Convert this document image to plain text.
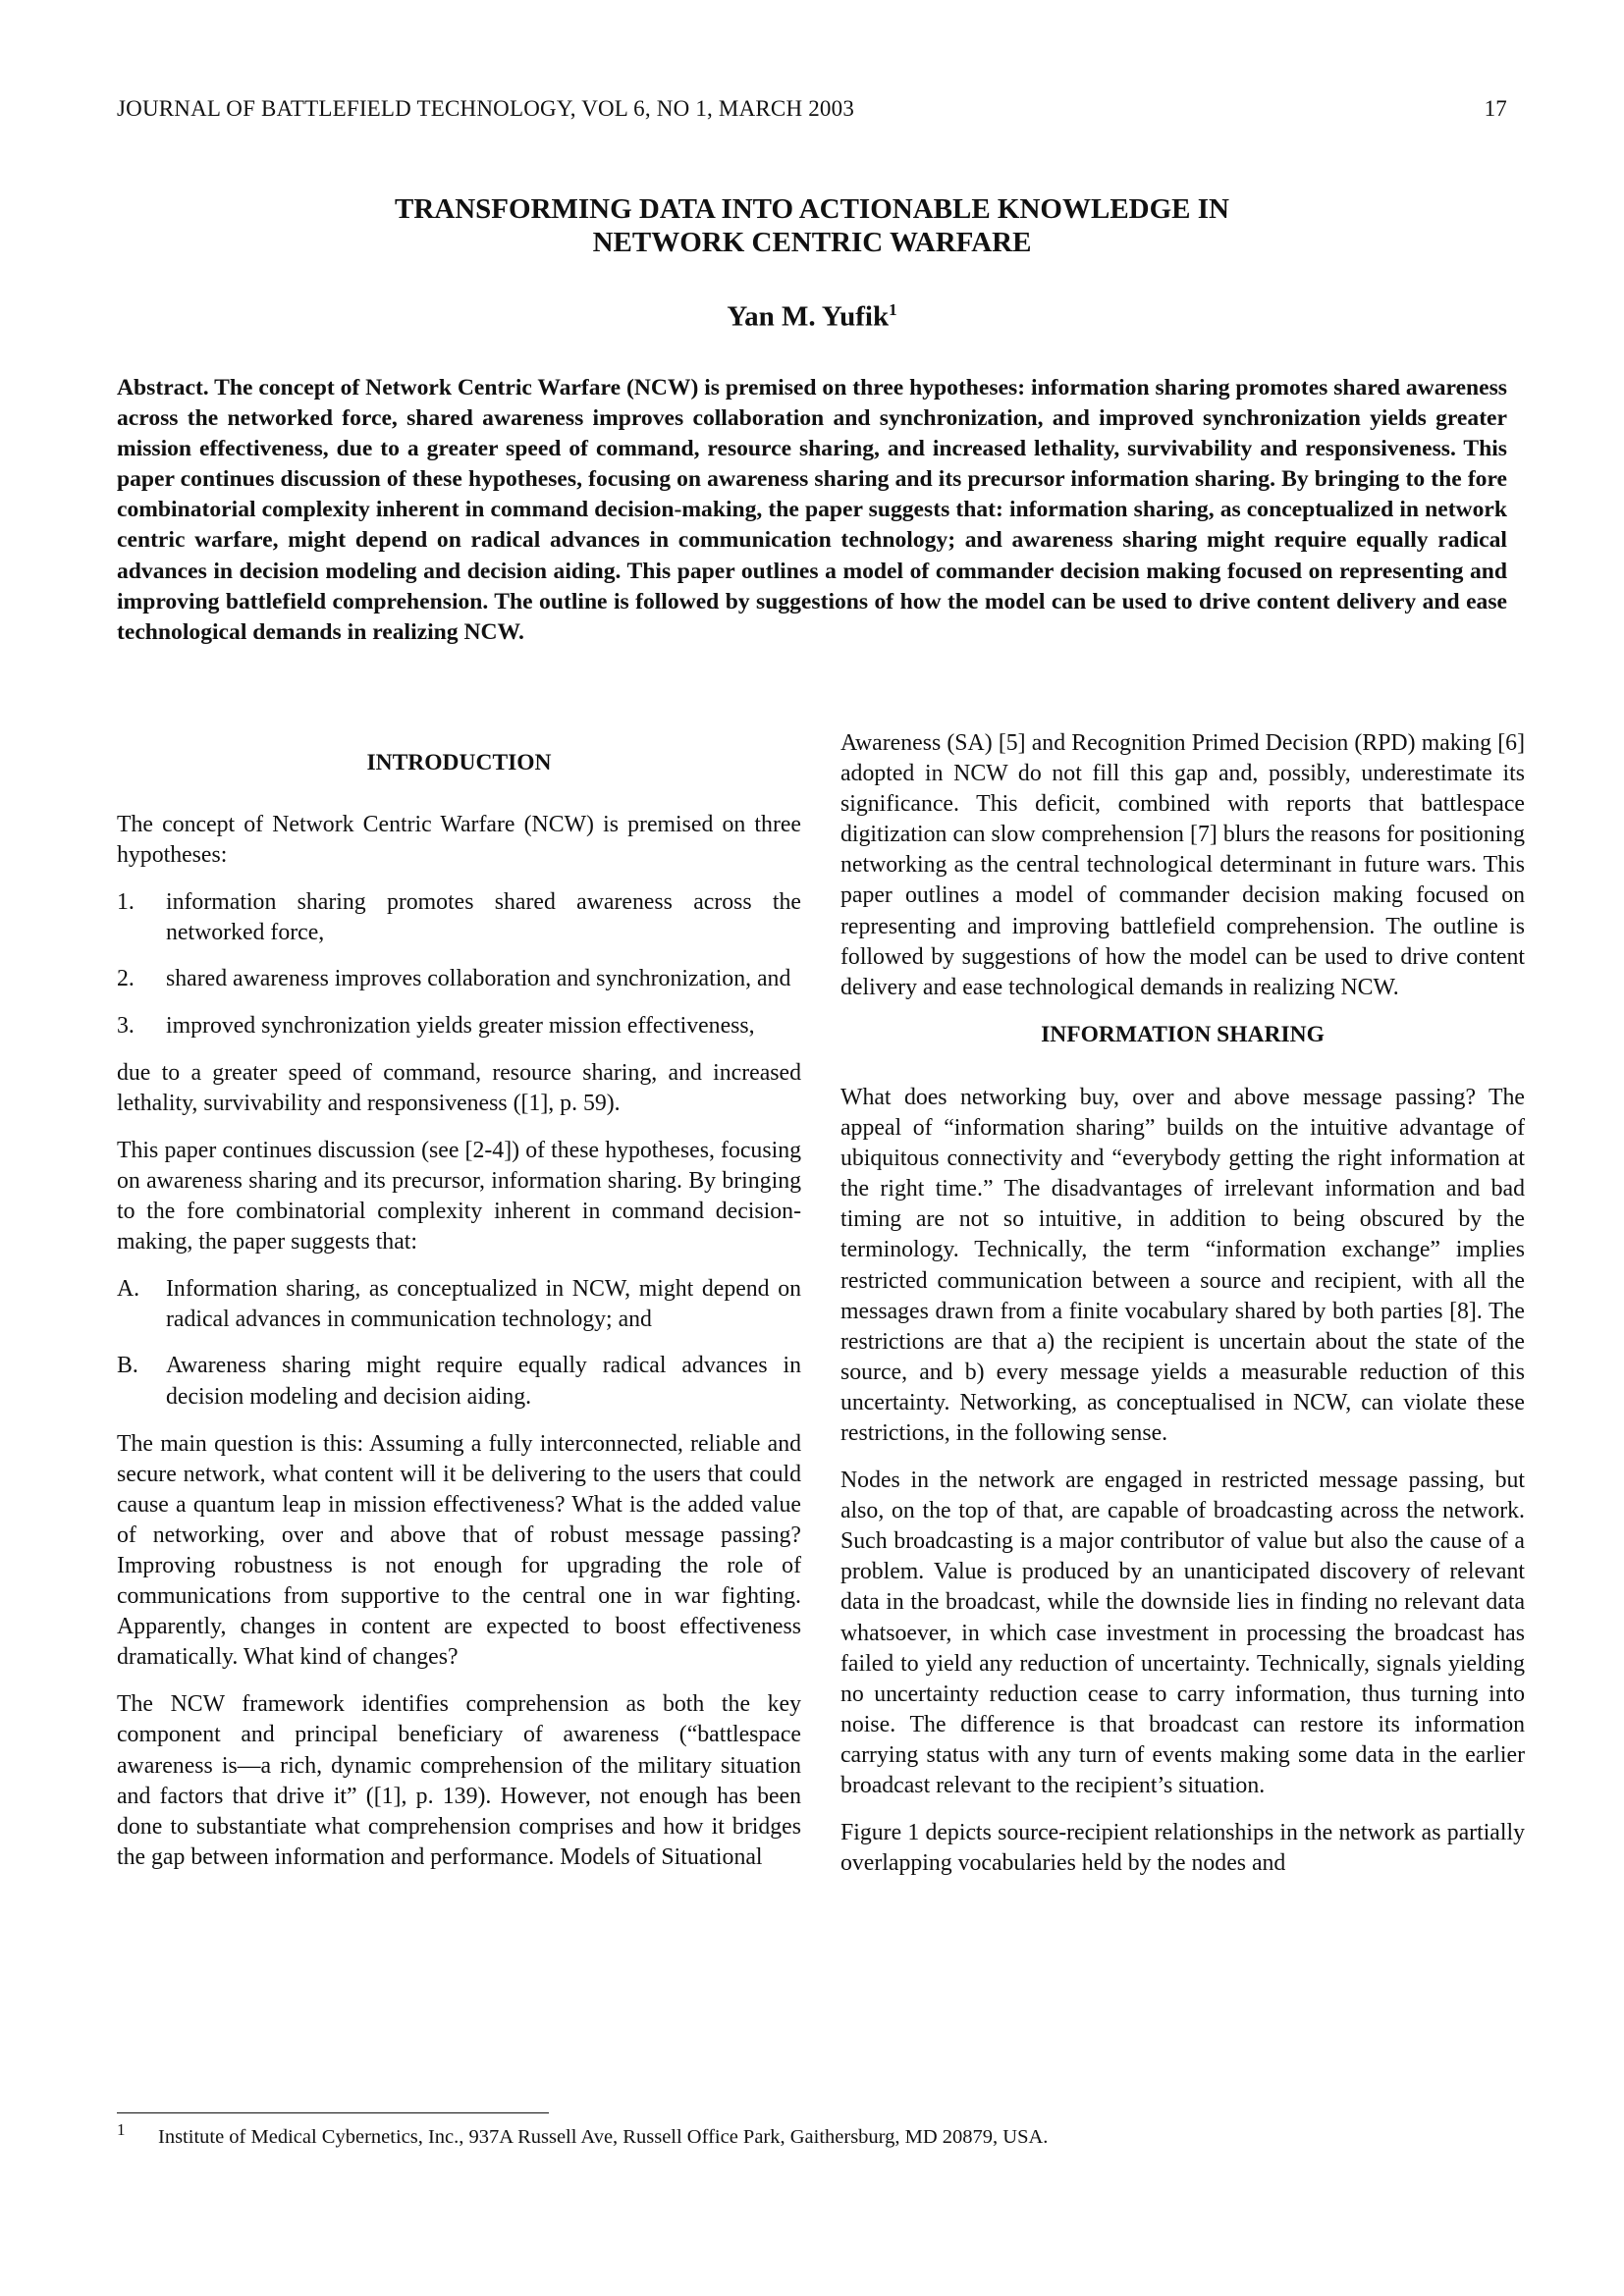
JOURNAL OF BATTLEFIELD TECHNOLOGY, VOL 6, NO 1, MARCH 2003	17
TRANSFORMING DATA INTO ACTIONABLE KNOWLEDGE IN
NETWORK CENTRIC WARFARE
Yan M. Yufik$^1$
Abstract. The concept of Network Centric Warfare (NCW) is premised on three hypotheses: information sharing promotes shared awareness across the networked force, shared awareness improves collaboration and synchronization, and improved synchronization yields greater mission effectiveness, due to a greater speed of command, resource sharing, and increased lethality, survivability and responsiveness. This paper continues discussion of these hypotheses, focusing on awareness sharing and its precursor information sharing. By bringing to the fore combinatorial complexity inherent in command decision-making, the paper suggests that: information sharing, as conceptualized in network centric warfare, might depend on radical advances in communication technology; and awareness sharing might require equally radical advances in decision modeling and decision aiding. This paper outlines a model of commander decision making focused on representing and improving battlefield comprehension. The outline is followed by suggestions of how the model can be used to drive content delivery and ease technological demands in realizing NCW.
INTRODUCTION

The concept of Network Centric Warfare (NCW) is premised on three hypotheses:

1. information sharing promotes shared awareness across the networked force,
2. shared awareness improves collaboration and synchronization, and
3. improved synchronization yields greater mission effectiveness,

due to a greater speed of command, resource sharing, and increased lethality, survivability and responsiveness ([1], p. 59).

This paper continues discussion (see [2-4]) of these hypotheses, focusing on awareness sharing and its precursor, information sharing. By bringing to the fore combinatorial complexity inherent in command decision-making, the paper suggests that:

A. Information sharing, as conceptualized in NCW, might depend on radical advances in communication technology; and
B. Awareness sharing might require equally radical advances in decision modeling and decision aiding.

The main question is this: Assuming a fully interconnected, reliable and secure network, what content will it be delivering to the users that could cause a quantum leap in mission effectiveness? What is the added value of networking, over and above that of robust message passing? Improving robustness is not enough for upgrading the role of communications from supportive to the central one in war fighting. Apparently, changes in content are expected to boost effectiveness dramatically. What kind of changes?

The NCW framework identifies comprehension as both the key component and principal beneficiary of awareness (“battlespace awareness is—a rich, dynamic comprehension of the military situation and factors that drive it” ([1], p. 139). However, not enough has been done to substantiate what comprehension comprises and how it bridges the gap between information and performance. Models of Situational

Awareness (SA) [5] and Recognition Primed Decision (RPD) making [6] adopted in NCW do not fill this gap and, possibly, underestimate its significance. This deficit, combined with reports that battlespace digitization can slow comprehension [7] blurs the reasons for positioning networking as the central technological determinant in future wars. This paper outlines a model of commander decision making focused on representing and improving battlefield comprehension. The outline is followed by suggestions of how the model can be used to drive content delivery and ease technological demands in realizing NCW.

INFORMATION SHARING

What does networking buy, over and above message passing? The appeal of “information sharing” builds on the intuitive advantage of ubiquitous connectivity and “everybody getting the right information at the right time.” The disadvantages of irrelevant information and bad timing are not so intuitive, in addition to being obscured by the terminology. Technically, the term “information exchange” implies restricted communication between a source and recipient, with all the messages drawn from a finite vocabulary shared by both parties [8]. The restrictions are that a) the recipient is uncertain about the state of the source, and b) every message yields a measurable reduction of this uncertainty. Networking, as conceptualised in NCW, can violate these restrictions, in the following sense.

Nodes in the network are engaged in restricted message passing, but also, on the top of that, are capable of broadcasting across the network. Such broadcasting is a major contributor of value but also the cause of a problem. Value is produced by an unanticipated discovery of relevant data in the broadcast, while the downside lies in finding no relevant data whatsoever, in which case investment in processing the broadcast has failed to yield any reduction of uncertainty. Technically, signals yielding no uncertainty reduction cease to carry information, thus turning into noise. The difference is that broadcast can restore its information carrying status with any turn of events making some data in the earlier broadcast relevant to the recipient’s situation.

Figure 1 depicts source-recipient relationships in the network as partially overlapping vocabularies held by the nodes and

1 Institute of Medical Cybernetics, Inc., 937A Russell Ave, Russell Office Park, Gaithersburg, MD 20879, USA.
